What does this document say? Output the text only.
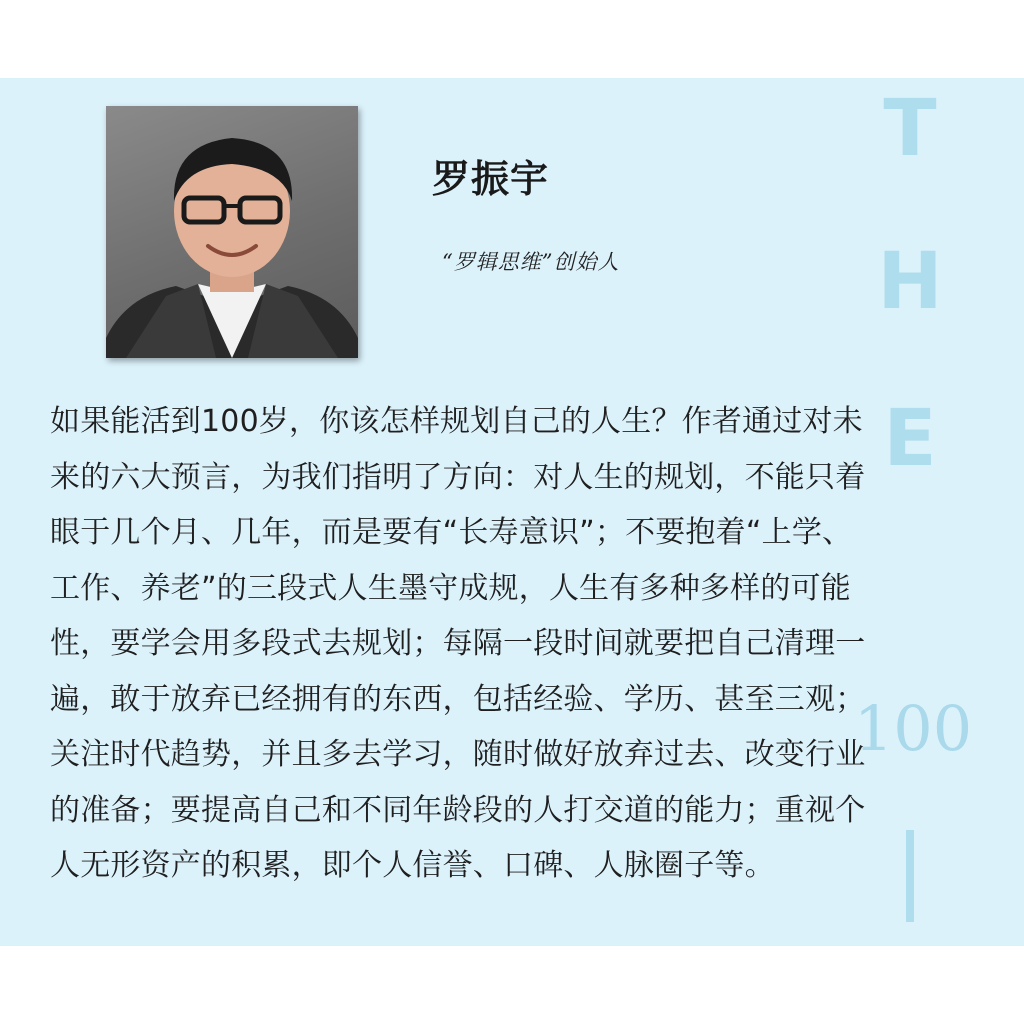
T
H
E
100
罗振宇
“罗辑思维”创始人
如果能活到100岁，你该怎样规划自己的人生？作者通过对未
来的六大预言，为我们指明了方向：对人生的规划，不能只着
眼于几个月、几年，而是要有“长寿意识”；不要抱着“上学、
工作、养老”的三段式人生墨守成规，人生有多种多样的可能
性，要学会用多段式去规划；每隔一段时间就要把自己清理一
遍，敢于放弃已经拥有的东西，包括经验、学历、甚至三观；
关注时代趋势，并且多去学习，随时做好放弃过去、改变行业
的准备；要提高自己和不同年龄段的人打交道的能力；重视个
人无形资产的积累，即个人信誉、口碑、人脉圈子等。
